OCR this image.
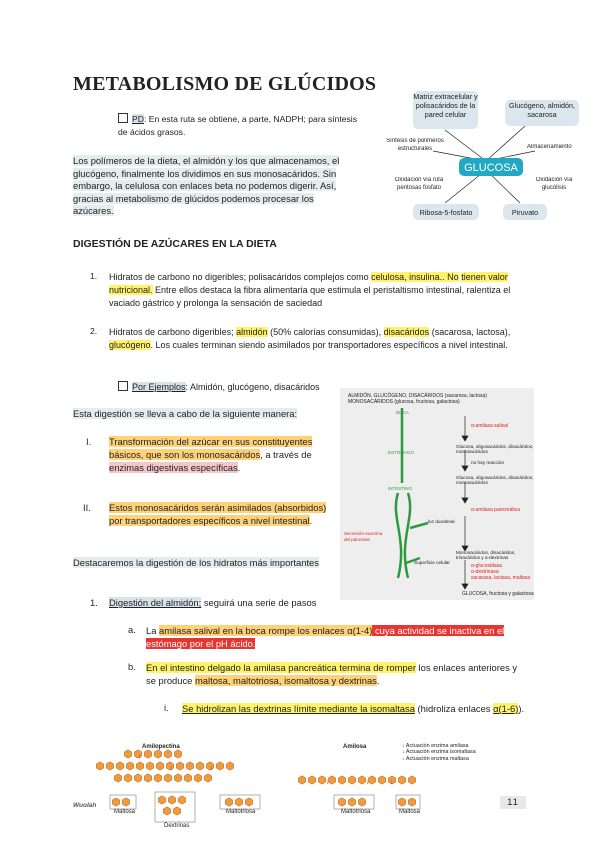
METABOLISMO DE GLÚCIDOS
PD: En esta ruta se obtiene, a parte, NADPH; para síntesis de ácidos grasos.
Los polímeros de la dieta, el almidón y los que almacenamos, el glucógeno, finalmente los dividimos en sus monosacáridos. Sin embargo, la celulosa con enlaces beta no podemos digerir. Así, gracias al metabolismo de glúcidos podemos procesar los azúcares.
GLUCOSA
Matriz extracelular y polisacáridos de la pared celular
Glucógeno, almidón, sacarosa
Síntesis de polímeros estructurales	Almacenamiento
Oxidación vía ruta pentosas fosfato
Oxidación vía glucólisis
Ribosa-5-fosfato	Piruvato
DIGESTIÓN DE AZÚCARES EN LA DIETA
1. Hidratos de carbono no digeribles; polisacáridos complejos como celulosa, insulina.. No tienen valor nutricional. Entre ellos destaca la fibra alimentaria que estimula el peristaltismo intestinal, ralentiza el vaciado gástrico y prolonga la sensación de saciedad
2. Hidratos de carbono digeribles; almidón (50% calorías consumidas), disacáridos (sacarosa, lactosa), glucógeno. Los cuales terminan siendo asimilados por transportadores específicos a nivel intestinal.
Por Ejemplos: Almidón, glucógeno, disacáridos
Esta digestión se lleva a cabo de la siguiente manera:
I. Transformación del azúcar en sus constituyentes básicos, que son los monosacáridos, a través de enzimas digestivas específicas.
II. Estos monosacáridos serán asimilados (absorbidos) por transportadores específicos a nivel intestinal.
Destacaremos la digestión de los hidratos más importantes
ALMIDÓN, GLUCÓGENO, DISACÁRIDOS (sacarosa, lactosa)
MONOSACÁRIDOS (glucosa, fructosa, galactosa)
BOCA
ESTÓMAGO
INTESTINO
α-amilasa salival
Glucosa, oligosacáridos, disacáridos, monosacáridos
no hay reacción
Glucosa, oligosacáridos, disacáridos, monosacáridos
luz duodenal
α-amilasa pancreática
Secreción exocrina del páncreas
Monosacáridos, disacáridos, trisacáridos y α-dextrinas
Superficie celular
α-glucosidasa
α-dextrinasa
sacarasa, lactasa, maltasa
GLUCOSA, fructosa y galactosa
1. Digestión del almidón; seguirá una serie de pasos
a. La amilasa salival en la boca rompe los enlaces α(1-4) cuya actividad se inactiva en el estómago por el pH ácido.
b. En el intestino delgado la amilasa pancreática termina de romper los enlaces anteriores y se produce maltosa, maltotriosa, isomaltosa y dextrinas.
i. Se hidrolizan las dextrinas límite mediante la isomaltasa (hidroliza enlaces α(1-6)).
↓
↓	↓
↓	↓	↓
Amilopectina	Amilosa	↓ Actuación enzima amilasa
↓ Actuación enzima isomaltasa
↓ Actuación enzima maltasa
Maltosa
Dextrinas
Maltotriosa	Maltotriosa	Maltosa
Wuolah	11
